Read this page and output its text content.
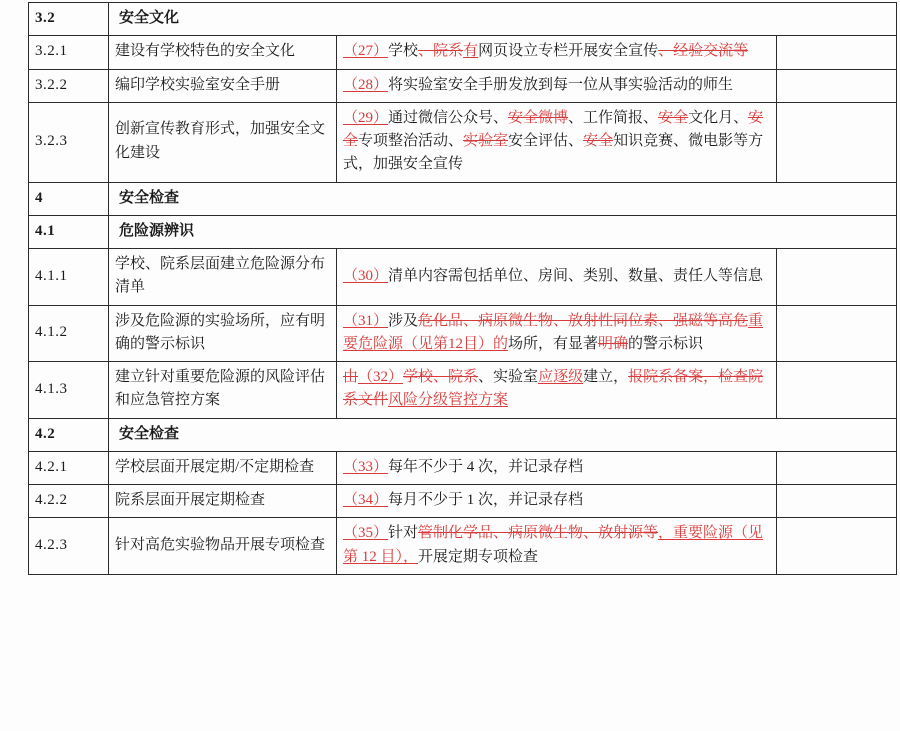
3.2	安全文化		
3.2.1	建设有学校特色的安全文化	（27）学校、院系有网页设立专栏开展安全宣传、经验交流等	
3.2.2	编印学校实验室安全手册	（28）将实验室安全手册发放到每一位从事实验活动的师生	
3.2.3	创新宣传教育形式，加强安全文化建设	（29）通过微信公众号、安全微博、工作简报、安全文化月、安全专项整治活动、实验室安全评估、安全知识竞赛、微电影等方式，加强安全宣传	
4	安全检查		
4.1	危险源辨识		
4.1.1	学校、院系层面建立危险源分布清单	（30）清单内容需包括单位、房间、类别、数量、责任人等信息	
4.1.2	涉及危险源的实验场所，应有明确的警示标识	（31）涉及危化品、病原微生物、放射性同位素、强磁等高危重要危险源（见第12目）的场所，有显著明确的警示标识	
4.1.3	建立针对重要危险源的风险评估和应急管控方案	由（32）学校、院系、实验室应逐级建立，报院系备案，检查院系文件风险分级管控方案	
4.2	安全检查		
4.2.1	学校层面开展定期/不定期检查	（33）每年不少于 4 次，并记录存档	
4.2.2	院系层面开展定期检查	（34）每月不少于 1 次，并记录存档	
4.2.3	针对高危实验物品开展专项检查	（35）针对管制化学品、病原微生物、放射源等，重要险源（见第 12 目），开展定期专项检查	
